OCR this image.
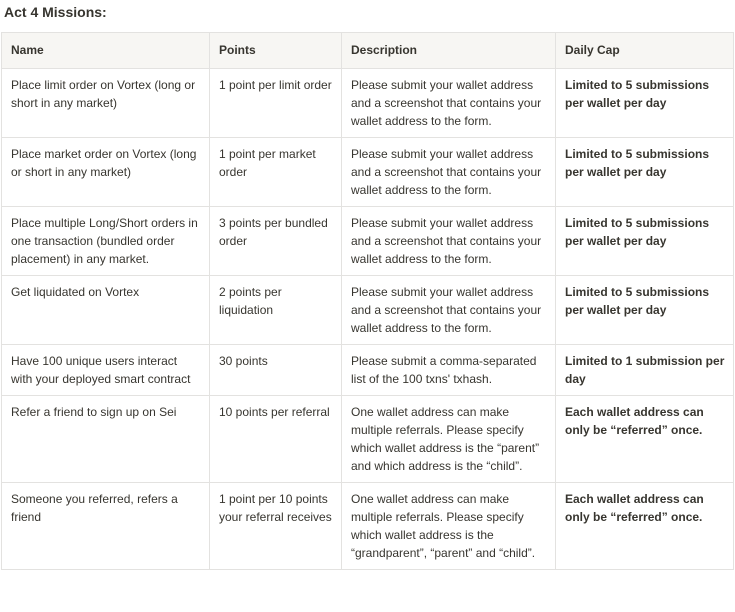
Act 4 Missions:
Name	Points	Description	Daily Cap
Place limit order on Vortex (long or short in any market)	1 point per limit order	Please submit your wallet address and a screenshot that contains your wallet address to the form.	Limited to 5 submissions per wallet per day
Place market order on Vortex (long or short in any market)	1 point per market order	Please submit your wallet address and a screenshot that contains your wallet address to the form.	Limited to 5 submissions per wallet per day
Place multiple Long/Short orders in one transaction (bundled order placement) in any market.	3 points per bundled order	Please submit your wallet address and a screenshot that contains your wallet address to the form.	Limited to 5 submissions per wallet per day
Get liquidated on Vortex	2 points per liquidation	Please submit your wallet address and a screenshot that contains your wallet address to the form.	Limited to 5 submissions per wallet per day
Have 100 unique users interact with your deployed smart contract	30 points	Please submit a comma-separated list of the 100 txns' txhash.	Limited to 1 submission per day
Refer a friend to sign up on Sei	10 points per referral	One wallet address can make multiple referrals. Please specify which wallet address is the “parent” and which address is the “child”.	Each wallet address can only be “referred” once.
Someone you referred, refers a friend	1 point per 10 points your referral receives	One wallet address can make multiple referrals. Please specify which wallet address is the “grandparent”, “parent” and “child”.	Each wallet address can only be “referred” once.
